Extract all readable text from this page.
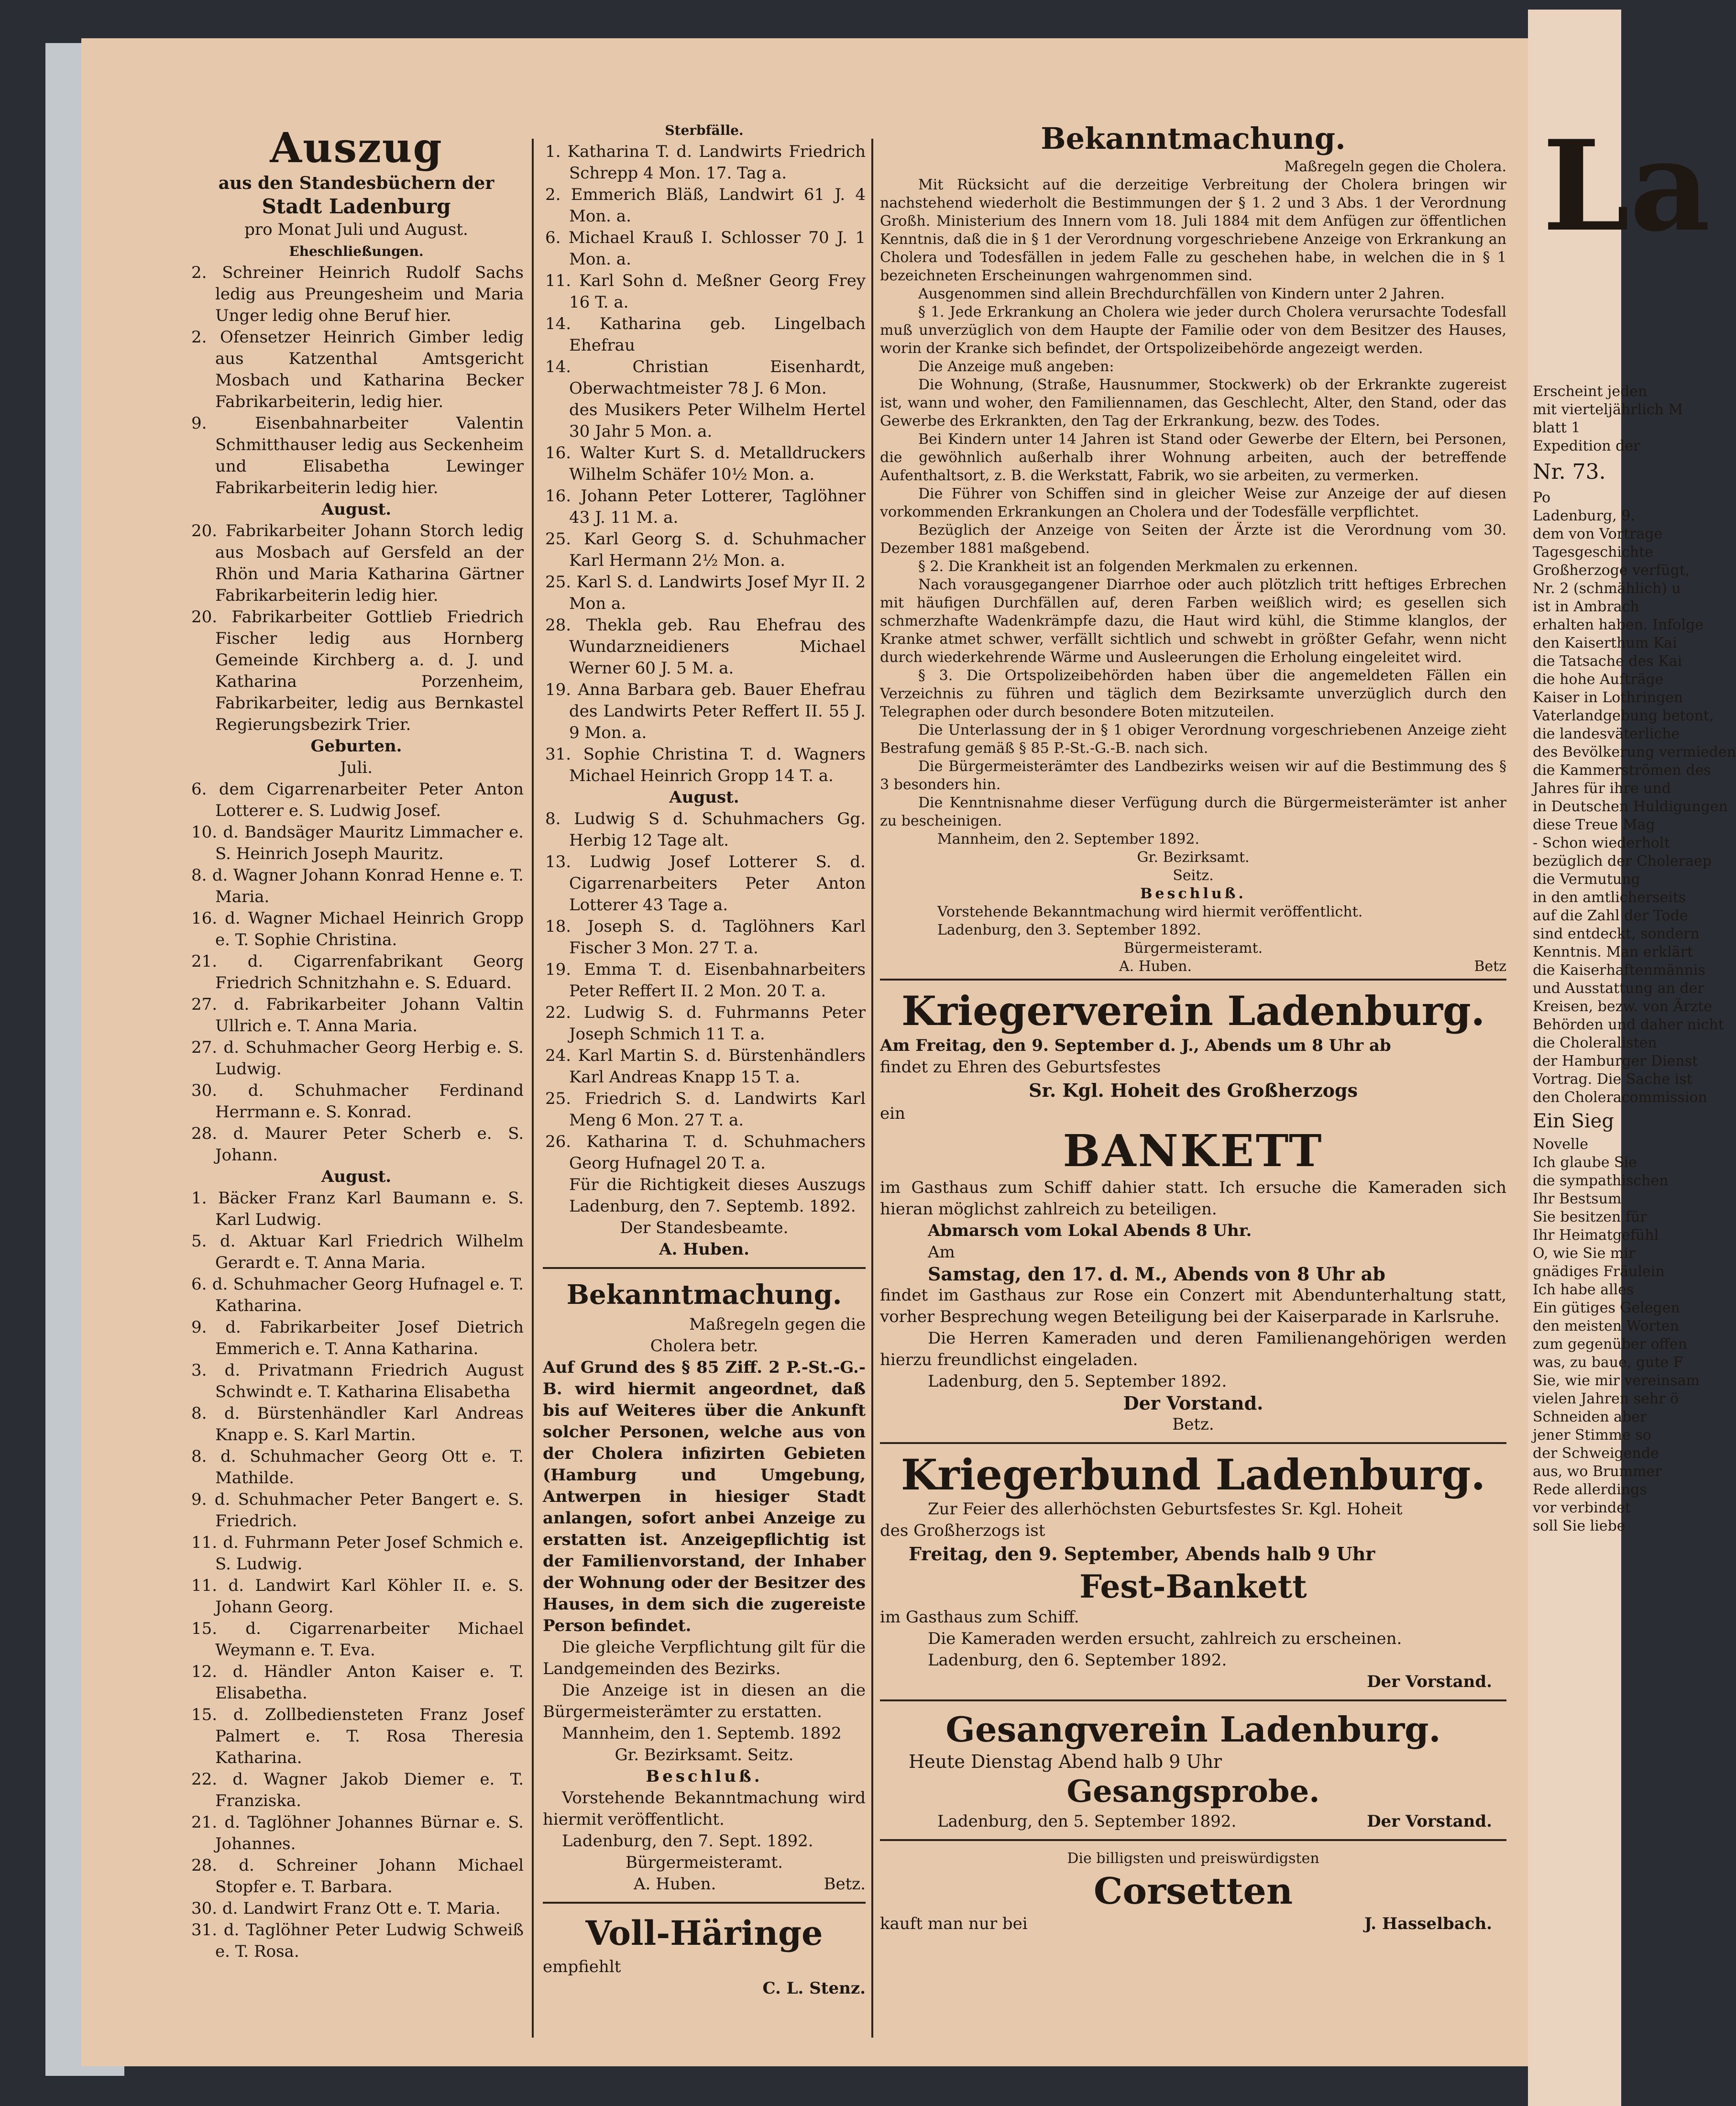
Auszug

aus den Standesbüchern der

Stadt Ladenburg

pro Monat Juli und August.

Eheschließungen.

2. Schreiner Heinrich Rudolf Sachs ledig aus Preungesheim und Maria Unger ledig ohne Beruf hier.

2. Ofensetzer Heinrich Gimber ledig aus Katzenthal Amtsgericht Mosbach und Katharina Becker Fabrikarbeiterin, ledig hier.

9. Eisenbahnarbeiter Valentin Schmitthauser ledig aus Seckenheim und Elisabetha Lewinger Fabrikarbeiterin ledig hier.

August.

20. Fabrikarbeiter Johann Storch ledig aus Mosbach auf Gersfeld an der Rhön und Maria Katharina Gärtner Fabrikarbeiterin ledig hier.

20. Fabrikarbeiter Gottlieb Friedrich Fischer ledig aus Hornberg Gemeinde Kirchberg a. d. J. und Katharina Porzenheim, Fabrikarbeiter, ledig aus Bernkastel Regierungsbezirk Trier.

Geburten.

Juli.

6. dem Cigarrenarbeiter Peter Anton Lotterer e. S. Ludwig Josef.

10. d. Bandsäger Mauritz Limmacher e. S. Heinrich Joseph Mauritz.

8. d. Wagner Johann Konrad Henne e. T. Maria.

16. d. Wagner Michael Heinrich Gropp e. T. Sophie Christina.

21. d. Cigarrenfabrikant Georg Friedrich Schnitzhahn e. S. Eduard.

27. d. Fabrikarbeiter Johann Valtin Ullrich e. T. Anna Maria.

27. d. Schuhmacher Georg Herbig e. S. Ludwig.

30. d. Schuhmacher Ferdinand Herrmann e. S. Konrad.

28. d. Maurer Peter Scherb e. S. Johann.

August.

1. Bäcker Franz Karl Baumann e. S. Karl Ludwig.

5. d. Aktuar Karl Friedrich Wilhelm Gerardt e. T. Anna Maria.

6. d. Schuhmacher Georg Hufnagel e. T. Katharina.

9. d. Fabrikarbeiter Josef Dietrich Emmerich e. T. Anna Katharina.

3. d. Privatmann Friedrich August Schwindt e. T. Katharina Elisabetha

8. d. Bürstenhändler Karl Andreas Knapp e. S. Karl Martin.

8. d. Schuhmacher Georg Ott e. T. Mathilde.

9. d. Schuhmacher Peter Bangert e. S. Friedrich.

11. d. Fuhrmann Peter Josef Schmich e. S. Ludwig.

11. d. Landwirt Karl Köhler II. e. S. Johann Georg.

15. d. Cigarrenarbeiter Michael Weymann e. T. Eva.

12. d. Händler Anton Kaiser e. T. Elisabetha.

15. d. Zollbediensteten Franz Josef Palmert e. T. Rosa Theresia Katharina.

22. d. Wagner Jakob Diemer e. T. Franziska.

21. d. Taglöhner Johannes Bürnar e. S. Johannes.

28. d. Schreiner Johann Michael Stopfer e. T. Barbara.

30. d. Landwirt Franz Ott e. T. Maria.

31. d. Taglöhner Peter Ludwig Schweiß e. T. Rosa.

Sterbfälle.

1. Katharina T. d. Landwirts Friedrich Schrepp 4 Mon. 17. Tag a.

2. Emmerich Bläß, Landwirt 61 J. 4 Mon. a.

6. Michael Krauß I. Schlosser 70 J. 1 Mon. a.

11. Karl Sohn d. Meßner Georg Frey 16 T. a.

14. Katharina geb. Lingelbach Ehefrau

14. Christian Eisenhardt, Oberwachtmeister 78 J. 6 Mon.

des Musikers Peter Wilhelm Hertel 30 Jahr 5 Mon. a.

16. Walter Kurt S. d. Metalldruckers Wilhelm Schäfer 10½ Mon. a.

16. Johann Peter Lotterer, Taglöhner 43 J. 11 M. a.

25. Karl Georg S. d. Schuhmacher Karl Hermann 2½ Mon. a.

25. Karl S. d. Landwirts Josef Myr II. 2 Mon a.

28. Thekla geb. Rau Ehefrau des Wundarzneidieners Michael Werner 60 J. 5 M. a.

19. Anna Barbara geb. Bauer Ehefrau des Landwirts Peter Reffert II. 55 J. 9 Mon. a.

31. Sophie Christina T. d. Wagners Michael Heinrich Gropp 14 T. a.

August.

8. Ludwig S d. Schuhmachers Gg. Herbig 12 Tage alt.

13. Ludwig Josef Lotterer S. d. Cigarrenarbeiters Peter Anton Lotterer 43 Tage a.

18. Joseph S. d. Taglöhners Karl Fischer 3 Mon. 27 T. a.

19. Emma T. d. Eisenbahnarbeiters Peter Reffert II. 2 Mon. 20 T. a.

22. Ludwig S. d. Fuhrmanns Peter Joseph Schmich 11 T. a.

24. Karl Martin S. d. Bürstenhändlers Karl Andreas Knapp 15 T. a.

25. Friedrich S. d. Landwirts Karl Meng 6 Mon. 27 T. a.

26. Katharina T. d. Schuhmachers Georg Hufnagel 20 T. a.

Für die Richtigkeit dieses Auszugs Ladenburg, den 7. Septemb. 1892.

Der Standesbeamte.

A. Huben.

Bekanntmachung.

Maßregeln gegen die

Cholera betr.

Auf Grund des § 85 Ziff. 2 P.-St.-G.-B. wird hiermit angeordnet, daß bis auf Weiteres über die Ankunft solcher Personen, welche aus von der Cholera infizirten Gebieten (Hamburg und Umgebung, Antwerpen in hiesiger Stadt anlangen, sofort anbei Anzeige zu erstatten ist. Anzeigepflichtig ist der Familienvorstand, der Inhaber der Wohnung oder der Besitzer des Hauses, in dem sich die zugereiste Person befindet.

Die gleiche Verpflichtung gilt für die Landgemeinden des Bezirks.

Die Anzeige ist in diesen an die Bürgermeisterämter zu erstatten.

Mannheim, den 1. Septemb. 1892

Gr. Bezirksamt. Seitz.

Beschluß.

Vorstehende Bekanntmachung wird hiermit veröffentlicht.

Ladenburg, den 7. Sept. 1892.

Bürgermeisteramt.

A. Huben.	Betz.

Voll-Häringe

empfiehlt

C. L. Stenz.

Bekanntmachung.

Maßregeln gegen die Cholera.

Mit Rücksicht auf die derzeitige Verbreitung der Cholera bringen wir nachstehend wiederholt die Bestimmungen der § 1. 2 und 3 Abs. 1 der Verordnung Großh. Ministerium des Innern vom 18. Juli 1884 mit dem Anfügen zur öffentlichen Kenntnis, daß die in § 1 der Verordnung vorgeschriebene Anzeige von Erkrankung an Cholera und Todesfällen in jedem Falle zu geschehen habe, in welchen die in § 1 bezeichneten Erscheinungen wahrgenommen sind.

Ausgenommen sind allein Brechdurchfällen von Kindern unter 2 Jahren.

§ 1. Jede Erkrankung an Cholera wie jeder durch Cholera verursachte Todesfall muß unverzüglich von dem Haupte der Familie oder von dem Besitzer des Hauses, worin der Kranke sich befindet, der Ortspolizeibehörde angezeigt werden.

Die Anzeige muß angeben:

Die Wohnung, (Straße, Hausnummer, Stockwerk) ob der Erkrankte zugereist ist, wann und woher, den Familiennamen, das Geschlecht, Alter, den Stand, oder das Gewerbe des Erkrankten, den Tag der Erkrankung, bezw. des Todes.

Bei Kindern unter 14 Jahren ist Stand oder Gewerbe der Eltern, bei Personen, die gewöhnlich außerhalb ihrer Wohnung arbeiten, auch der betreffende Aufenthaltsort, z. B. die Werkstatt, Fabrik, wo sie arbeiten, zu vermerken.

Die Führer von Schiffen sind in gleicher Weise zur Anzeige der auf diesen vorkommenden Erkrankungen an Cholera und der Todesfälle verpflichtet.

Bezüglich der Anzeige von Seiten der Ärzte ist die Verordnung vom 30. Dezember 1881 maßgebend.

§ 2. Die Krankheit ist an folgenden Merkmalen zu erkennen.

Nach vorausgegangener Diarrhoe oder auch plötzlich tritt heftiges Erbrechen mit häufigen Durchfällen auf, deren Farben weißlich wird; es gesellen sich schmerzhafte Wadenkrämpfe dazu, die Haut wird kühl, die Stimme klanglos, der Kranke atmet schwer, verfällt sichtlich und schwebt in größter Gefahr, wenn nicht durch wiederkehrende Wärme und Ausleerungen die Erholung eingeleitet wird.

§ 3. Die Ortspolizeibehörden haben über die angemeldeten Fällen ein Verzeichnis zu führen und täglich dem Bezirksamte unverzüglich durch den Telegraphen oder durch besondere Boten mitzuteilen.

Die Unterlassung der in § 1 obiger Verordnung vorgeschriebenen Anzeige zieht Bestrafung gemäß § 85 P.-St.-G.-B. nach sich.

Die Bürgermeisterämter des Landbezirks weisen wir auf die Bestimmung des § 3 besonders hin.

Die Kenntnisnahme dieser Verfügung durch die Bürgermeisterämter ist anher zu bescheinigen.

Mannheim, den 2. September 1892.

Gr. Bezirksamt.

Seitz.

Beschluß.

Vorstehende Bekanntmachung wird hiermit veröffentlicht.

Ladenburg, den 3. September 1892.

Bürgermeisteramt.

A. Huben.	Betz

Kriegerverein Ladenburg.

Am Freitag, den 9. September d. J., Abends um 8 Uhr ab

findet zu Ehren des Geburtsfestes

Sr. Kgl. Hoheit des Großherzogs

ein

BANKETT

im Gasthaus zum Schiff dahier statt. Ich ersuche die Kameraden sich hieran möglichst zahlreich zu beteiligen.

Abmarsch vom Lokal Abends 8 Uhr.

Am

Samstag, den 17. d. M., Abends von 8 Uhr ab

findet im Gasthaus zur Rose ein Conzert mit Abendunterhaltung statt, vorher Besprechung wegen Beteiligung bei der Kaiserparade in Karlsruhe.

Die Herren Kameraden und deren Familienangehörigen werden hierzu freundlichst eingeladen.

Ladenburg, den 5. September 1892.

Der Vorstand.

Betz.

Kriegerbund Ladenburg.

Zur Feier des allerhöchsten Geburtsfestes Sr. Kgl. Hoheit

des Großherzogs ist

Freitag, den 9. September, Abends halb 9 Uhr

Fest-Bankett

im Gasthaus zum Schiff.

Die Kameraden werden ersucht, zahlreich zu erscheinen.

Ladenburg, den 6. September 1892.

Der Vorstand.

Gesangverein Ladenburg.

Heute Dienstag Abend halb 9 Uhr

Gesangsprobe.

Ladenburg, den 5. September 1892.	Der Vorstand.

Die billigsten und preiswürdigsten

Corsetten

kauft man nur bei	J. Hasselbach.

La

Erscheint jeden

mit vierteljährlich M

blatt 1

Expedition der

Nr. 73.

Po

Ladenburg, 9.

dem von Vortrage

Tagesgeschichte

Großherzoge verfügt,

Nr. 2 (schmählich) u

ist in Ambrach

erhalten haben. Infolge

den Kaiserthum Kai

die Tatsache des Kai

die hohe Aufträge

Kaiser in Lothringen

Vaterlandgebung betont,

die landesväterliche

des Bevölkerung vermieden

die Kammerströmen des

Jahres für ihre und

in Deutschen Huldigungen

diese Treue Mag

- Schon wiederholt

bezüglich der Choleraep

die Vermutung

in den amtlicherseits

auf die Zahl der Tode

sind entdeckt, sondern

Kenntnis. Man erklärt

die Kaiserhaftenmännis

und Ausstattung an der

Kreisen, bezw. von Ärzte

Behörden und daher nicht

die Choleralisten

der Hamburger Dienst

Vortrag. Die Sache ist

den Choleracommission

Ein Sieg

Novelle

Ich glaube Sie

die sympathischen

Ihr Bestsum

Sie besitzen für

Ihr Heimatgefühl

O, wie Sie mir

gnädiges Fräulein

Ich habe alles

Ein gütiges Gelegen

den meisten Worten

zum gegenüber offen

was, zu baue, gute F

Sie, wie mir vereinsam

vielen Jahren sehr ö

Schneiden aber

jener Stimme so

der Schweigende

aus, wo Brummer

Rede allerdings

vor verbindet

soll Sie liebe
